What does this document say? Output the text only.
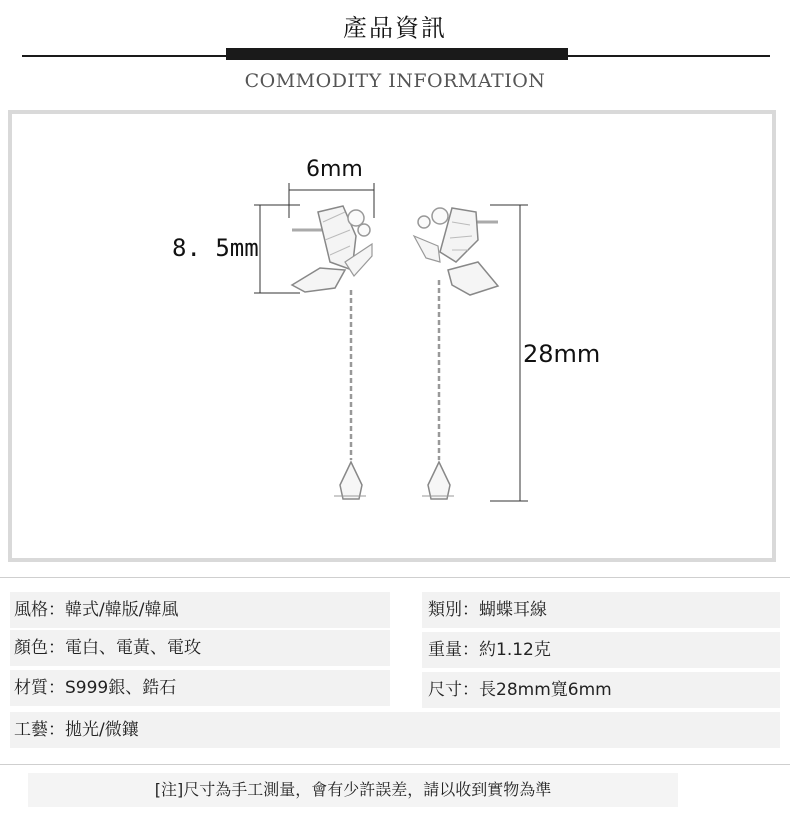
產品資訊
COMMODITY INFORMATION
6mm
8. 5mm
28mm
風格：韓式/韓版/韓風	類別：蝴蝶耳線
顏色：電白、電黃、電玫	重量：約1.12克
材質：S999銀、鋯石	尺寸：長28mm寬6mm
工藝：拋光/微鑲
[注]尺寸為手工測量，會有少許誤差，請以收到實物為準
